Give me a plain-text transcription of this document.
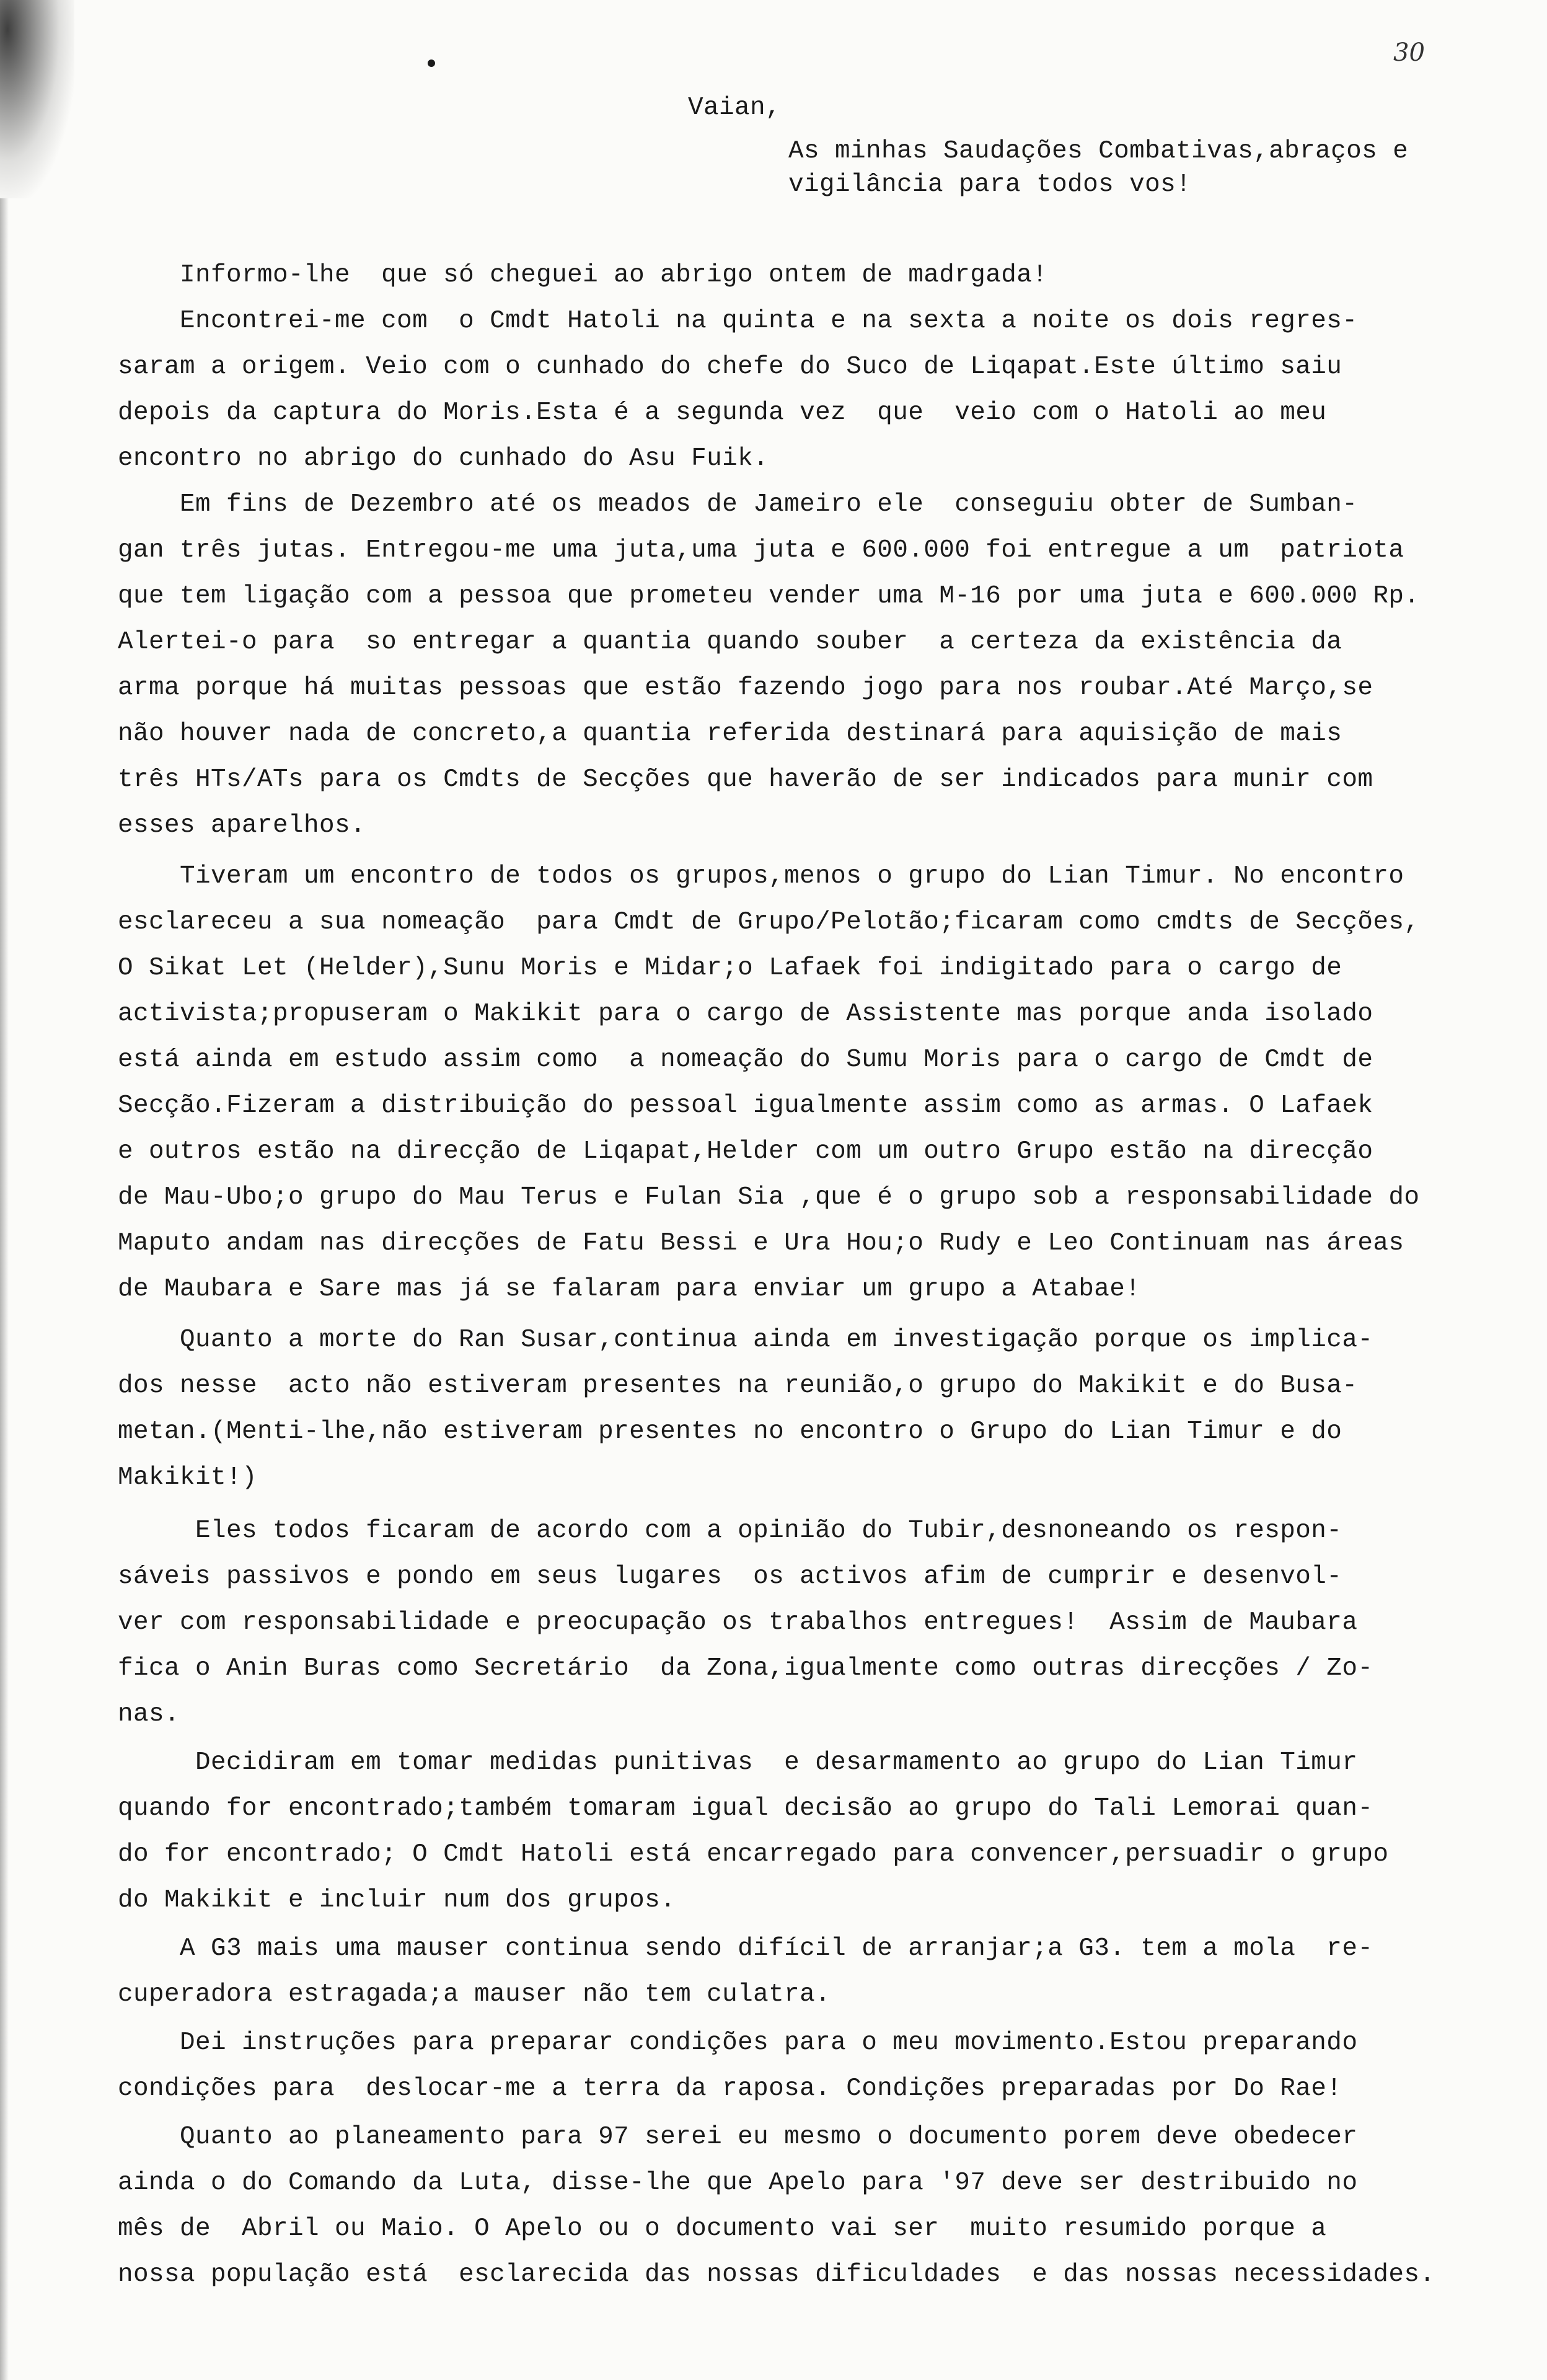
30
Vaian,
As minhas Saudações Combativas,abraços e
vigilância para todos vos!
Informo-lhe  que só cheguei ao abrigo ontem de madrgada!
Encontrei-me com  o Cmdt Hatoli na quinta e na sexta a noite os dois regres-
saram a origem. Veio com o cunhado do chefe do Suco de Liqapat.Este último saiu
depois da captura do Moris.Esta é a segunda vez  que  veio com o Hatoli ao meu
encontro no abrigo do cunhado do Asu Fuik.
Em fins de Dezembro até os meados de Jameiro ele  conseguiu obter de Sumban-
gan três jutas. Entregou-me uma juta,uma juta e 600.000 foi entregue a um  patriota
que tem ligação com a pessoa que prometeu vender uma M-16 por uma juta e 600.000 Rp.
Alertei-o para  so entregar a quantia quando souber  a certeza da existência da
arma porque há muitas pessoas que estão fazendo jogo para nos roubar.Até Março,se
não houver nada de concreto,a quantia referida destinará para aquisição de mais
três HTs/ATs para os Cmdts de Secções que haverão de ser indicados para munir com
esses aparelhos.
Tiveram um encontro de todos os grupos,menos o grupo do Lian Timur. No encontro
esclareceu a sua nomeação  para Cmdt de Grupo/Pelotão;ficaram como cmdts de Secções,
O Sikat Let (Helder),Sunu Moris e Midar;o Lafaek foi indigitado para o cargo de
activista;propuseram o Makikit para o cargo de Assistente mas porque anda isolado
está ainda em estudo assim como  a nomeação do Sumu Moris para o cargo de Cmdt de
Secção.Fizeram a distribuição do pessoal igualmente assim como as armas. O Lafaek
e outros estão na direcção de Liqapat,Helder com um outro Grupo estão na direcção
de Mau-Ubo;o grupo do Mau Terus e Fulan Sia ,que é o grupo sob a responsabilidade do
Maputo andam nas direcções de Fatu Bessi e Ura Hou;o Rudy e Leo Continuam nas áreas
de Maubara e Sare mas já se falaram para enviar um grupo a Atabae!
Quanto a morte do Ran Susar,continua ainda em investigação porque os implica-
dos nesse  acto não estiveram presentes na reunião,o grupo do Makikit e do Busa-
metan.(Menti-lhe,não estiveram presentes no encontro o Grupo do Lian Timur e do
Makikit!)
Eles todos ficaram de acordo com a opinião do Tubir,desnoneando os respon-
sáveis passivos e pondo em seus lugares  os activos afim de cumprir e desenvol-
ver com responsabilidade e preocupação os trabalhos entregues!  Assim de Maubara
fica o Anin Buras como Secretário  da Zona,igualmente como outras direcções / Zo-
nas.
Decidiram em tomar medidas punitivas  e desarmamento ao grupo do Lian Timur
quando for encontrado;também tomaram igual decisão ao grupo do Tali Lemorai quan-
do for encontrado; O Cmdt Hatoli está encarregado para convencer,persuadir o grupo
do Makikit e incluir num dos grupos.
A G3 mais uma mauser continua sendo difícil de arranjar;a G3. tem a mola  re-
cuperadora estragada;a mauser não tem culatra.
Dei instruções para preparar condições para o meu movimento.Estou preparando
condições para  deslocar-me a terra da raposa. Condições preparadas por Do Rae!
Quanto ao planeamento para 97 serei eu mesmo o documento porem deve obedecer
ainda o do Comando da Luta, disse-lhe que Apelo para '97 deve ser destribuido no
mês de  Abril ou Maio. O Apelo ou o documento vai ser  muito resumido porque a
nossa população está  esclarecida das nossas dificuldades  e das nossas necessidades.
